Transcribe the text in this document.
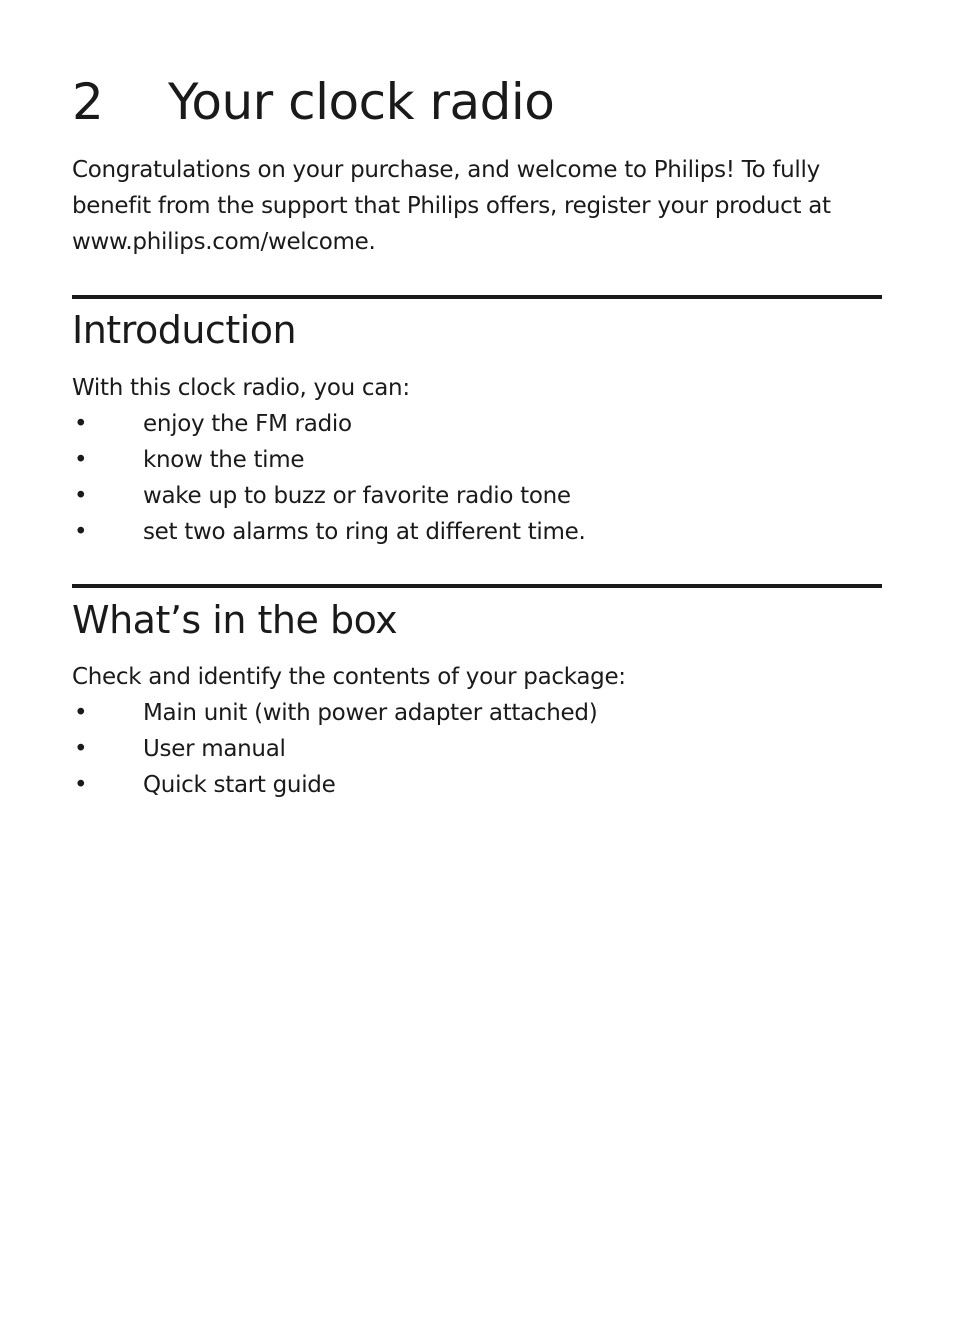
2	Your clock radio

Congratulations on your purchase, and welcome to Philips! To fully benefit from the support that Philips offers, register your product at www.philips.com/welcome.

Introduction

With this clock radio, you can:

• enjoy the FM radio
• know the time
• wake up to buzz or favorite radio tone
• set two alarms to ring at different time.
What’s in the box

Check and identify the contents of your package:

• Main unit (with power adapter attached)
• User manual
• Quick start guide
